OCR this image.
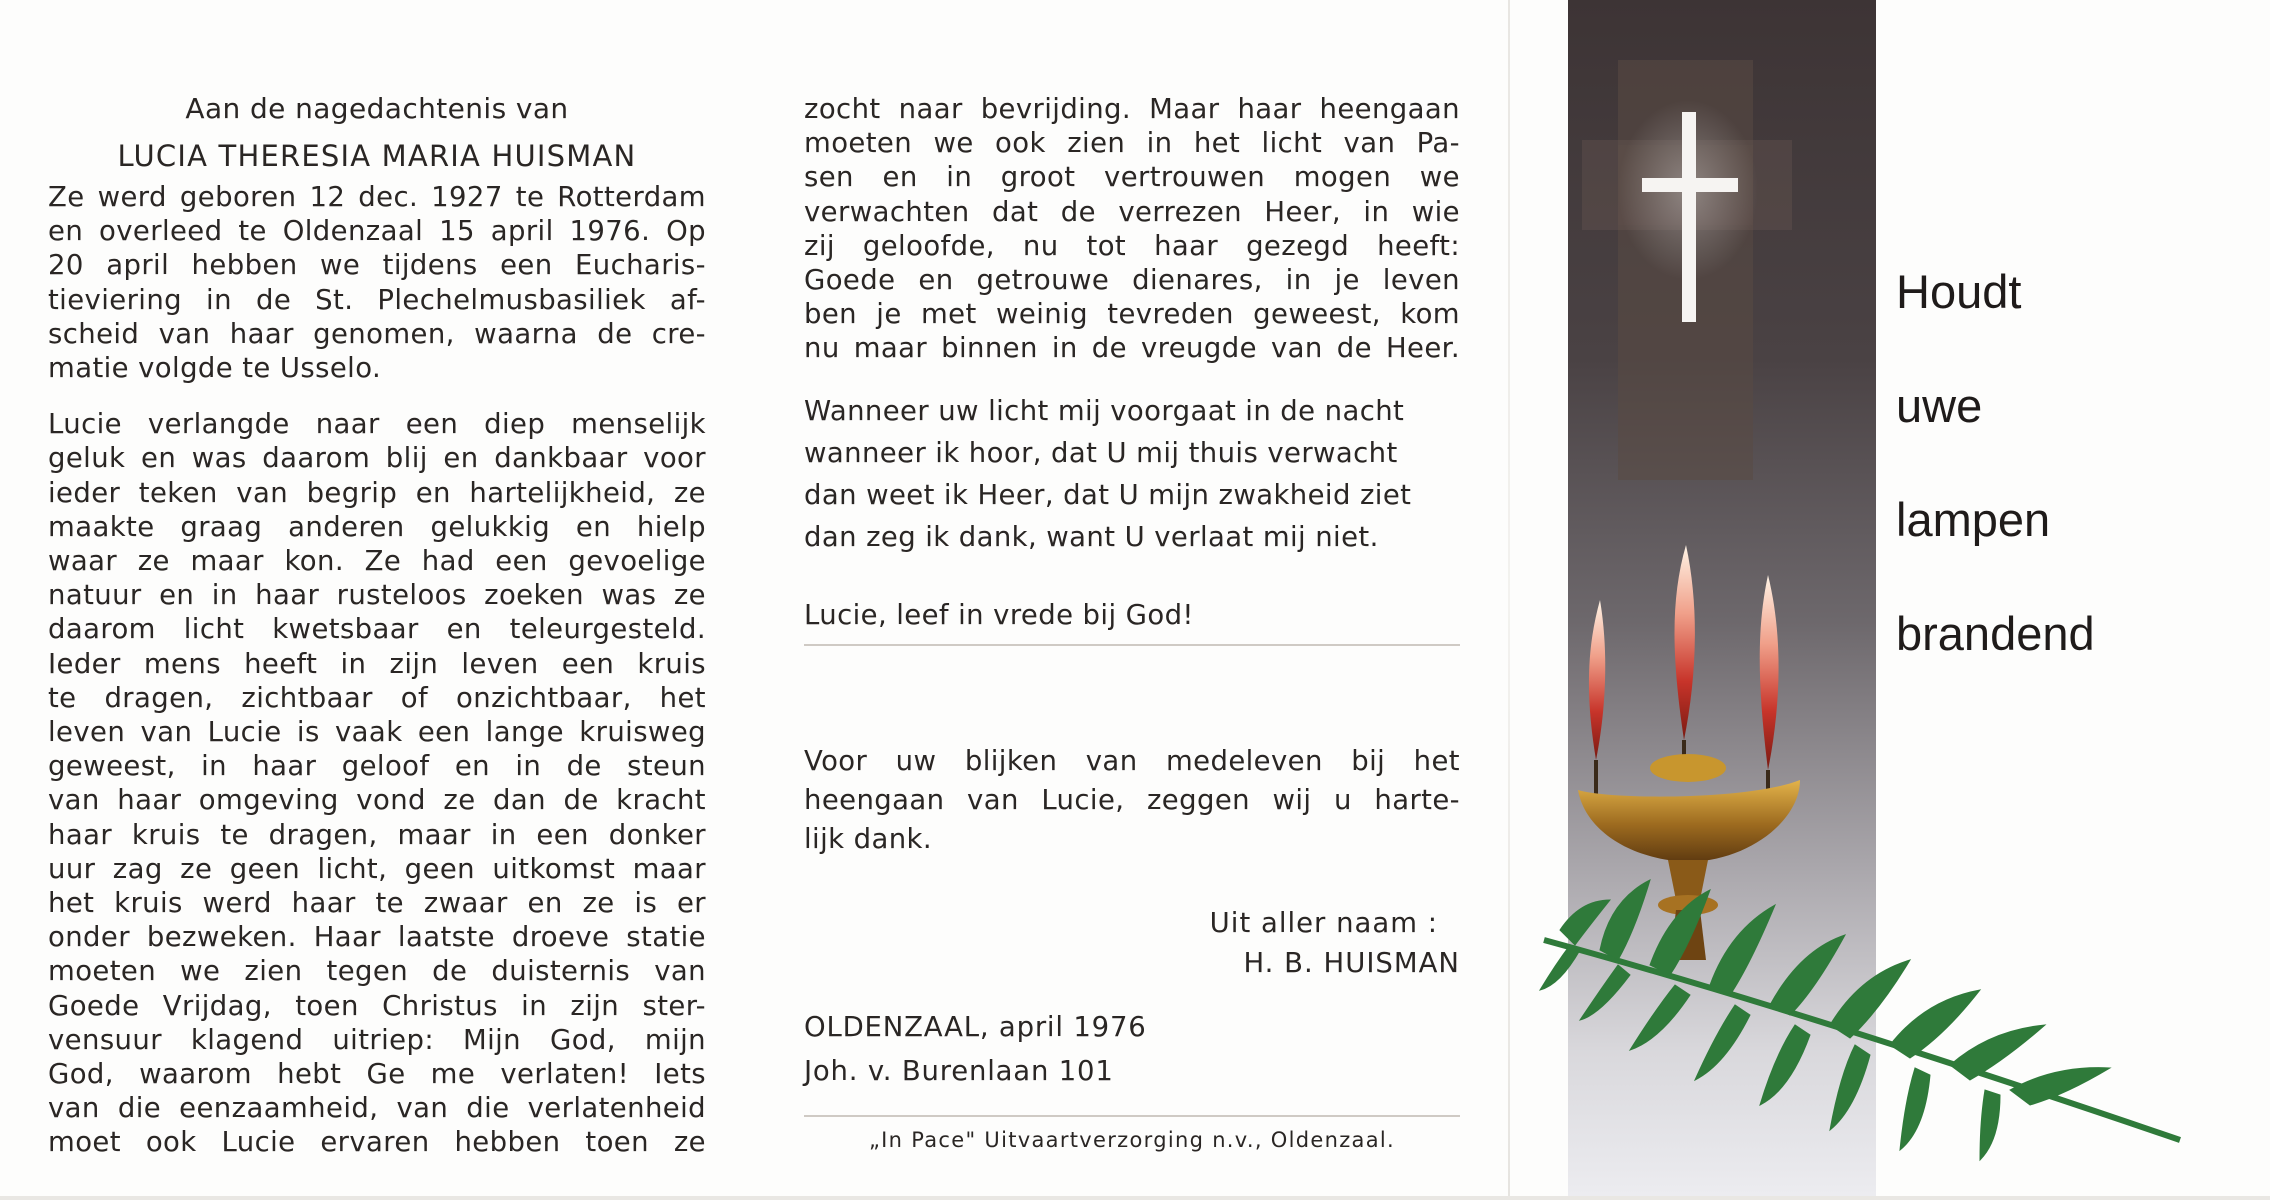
Aan de nagedachtenis van

LUCIA THERESIA MARIA HUISMAN

Ze werd geboren 12 dec. 1927 te Rotterdam
en overleed te Oldenzaal 15 april 1976. Op
20 april hebben we tijdens een Eucharis-
tieviering in de St. Plechelmusbasiliek af-
scheid van haar genomen, waarna de cre-
matie volgde te Usselo.

Lucie verlangde naar een diep menselijk
geluk en was daarom blij en dankbaar voor
ieder teken van begrip en hartelijkheid, ze
maakte graag anderen gelukkig en hielp
waar ze maar kon. Ze had een gevoelige
natuur en in haar rusteloos zoeken was ze
daarom licht kwetsbaar en teleurgesteld.
Ieder mens heeft in zijn leven een kruis
te dragen, zichtbaar of onzichtbaar, het
leven van Lucie is vaak een lange kruisweg
geweest, in haar geloof en in de steun
van haar omgeving vond ze dan de kracht
haar kruis te dragen, maar in een donker
uur zag ze geen licht, geen uitkomst maar
het kruis werd haar te zwaar en ze is er
onder bezweken. Haar laatste droeve statie
moeten we zien tegen de duisternis van
Goede Vrijdag, toen Christus in zijn ster-
vensuur klagend uitriep: Mijn God, mijn
God, waarom hebt Ge me verlaten! Iets
van die eenzaamheid, van die verlatenheid
moet ook Lucie ervaren hebben toen ze

zocht naar bevrijding. Maar haar heengaan
moeten we ook zien in het licht van Pa-
sen en in groot vertrouwen mogen we
verwachten dat de verrezen Heer, in wie
zij geloofde, nu tot haar gezegd heeft:
Goede en getrouwe dienares, in je leven
ben je met weinig tevreden geweest, kom
nu maar binnen in de vreugde van de Heer.

Wanneer uw licht mij voorgaat in de nacht
wanneer ik hoor, dat U mij thuis verwacht
dan weet ik Heer, dat U mijn zwakheid ziet
dan zeg ik dank, want U verlaat mij niet.

Lucie, leef in vrede bij God!

Voor uw blijken van medeleven bij het
heengaan van Lucie, zeggen wij u harte-
lijk dank.

Uit aller naam :
H. B. HUISMAN

OLDENZAAL, april 1976
Joh. v. Burenlaan 101

„In Pace" Uitvaartverzorging n.v., Oldenzaal.

Houdt
uwe
lampen
brandend
